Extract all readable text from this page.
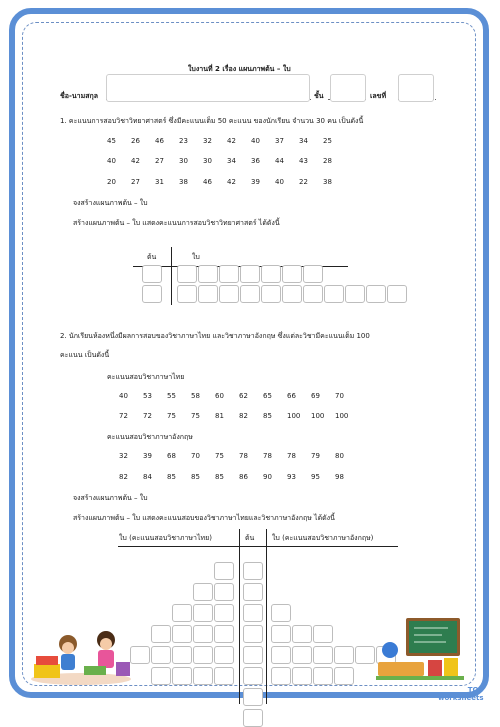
ใบงานที่ 2 เรื่อง แผนภาพต้น – ใบ
ชื่อ-นามสกุล	ชั้น	เลขที่
1. คะแนนการสอบวิชาวิทยาศาสตร์ ซึ่งมีคะแนนเต็ม 50 คะแนน ของนักเรียน จำนวน 30 คน เป็นดังนี้
45 26 46 23 32 42 40 37 34 25
40 42 27 30 30 34 36 44 43 28
20 27 31 38 46 42 39 40 22 38
จงสร้างแผนภาพต้น – ใบ
สร้างแผนภาพต้น – ใบ แสดงคะแนนการสอบวิชาวิทยาศาสตร์ ได้ดังนี้
ต้น	ใบ
2. นักเรียนห้องหนึ่งมีผลการสอบของวิชาภาษาไทย และวิชาภาษาอังกฤษ ซึ่งแต่ละวิชามีคะแนนเต็ม 100
คะแนน เป็นดังนี้
คะแนนสอบวิชาภาษาไทย
40 53 55 58 60 62 65 66 69 70
72 72 75 75 81 82 85 100 100 100
คะแนนสอบวิชาภาษาอังกฤษ
32 39 68 70 75 78 78 78 79 80
82 84 85 85 85 86 90 93 95 98
จงสร้างแผนภาพต้น – ใบ
สร้างแผนภาพต้น – ใบ แสดงคะแนนสอบของวิชาภาษาไทยและวิชาภาษาอังกฤษ ได้ดังนี้
ใบ (คะแนนสอบวิชาภาษาไทย)	ต้น	ใบ (คะแนนสอบวิชาภาษาอังกฤษ)
TOP
worksheets
